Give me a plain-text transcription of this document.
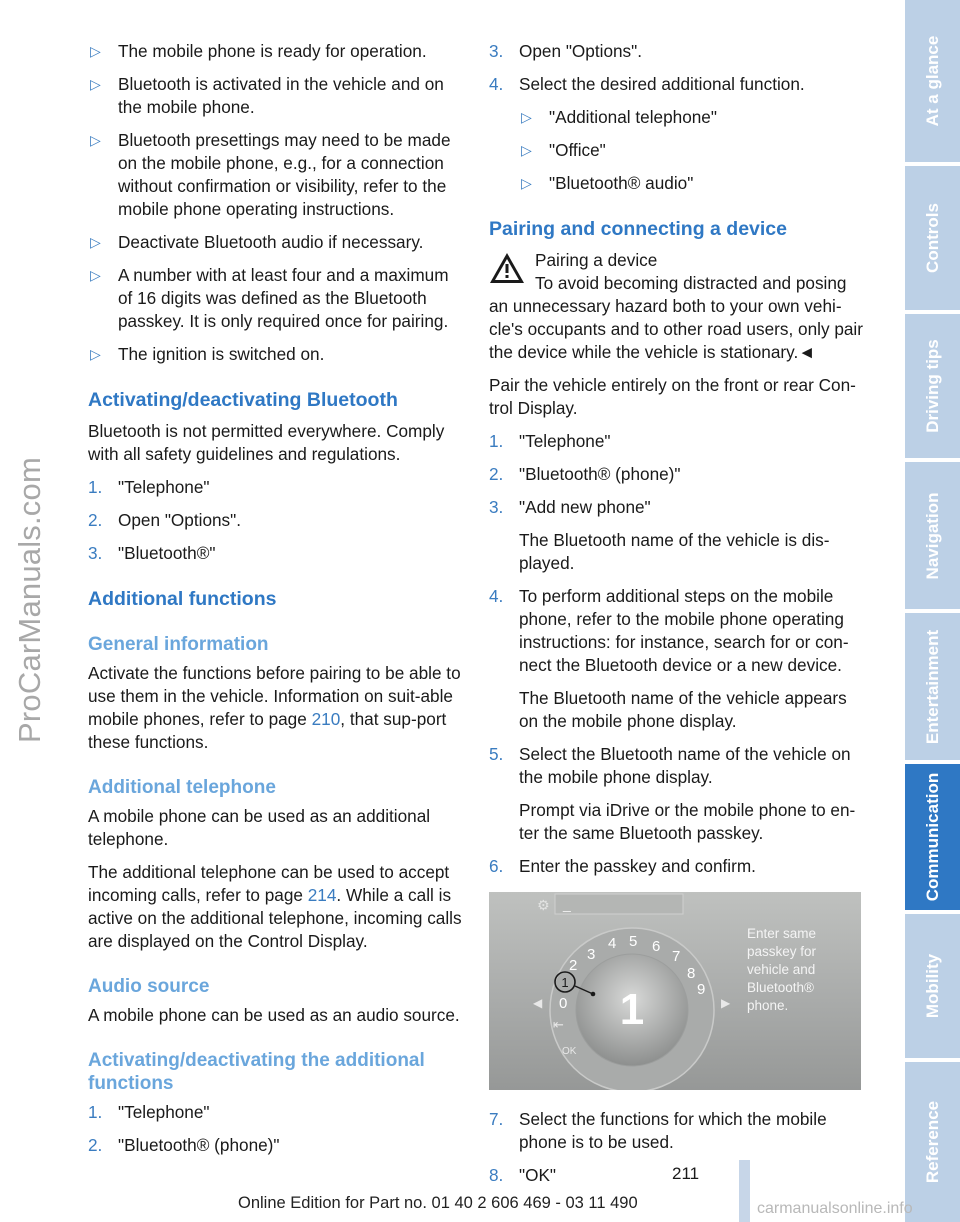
ProCarManuals.com
▷ The mobile phone is ready for operation.
▷ Bluetooth is activated in the vehicle and on the mobile phone.
▷ Bluetooth presettings may need to be made on the mobile phone, e.g., for a connection without confirmation or visibility, refer to the mobile phone operating instructions.
▷ Deactivate Bluetooth audio if necessary.
▷ A number with at least four and a maximum of 16 digits was defined as the Bluetooth passkey. It is only required once for pairing.
▷ The ignition is switched on.
Activating/deactivating Bluetooth
Bluetooth is not permitted everywhere. Comply with all safety guidelines and regulations.
1. "Telephone"
2. Open "Options".
3. "Bluetooth®"
Additional functions
General information
Activate the functions before pairing to be able to use them in the vehicle. Information on suit-able mobile phones, refer to page 210, that sup-port these functions.
Additional telephone
A mobile phone can be used as an additional telephone.
The additional telephone can be used to accept incoming calls, refer to page 214. While a call is active on the additional telephone, incoming calls are displayed on the Control Display.
Audio source
A mobile phone can be used as an audio source.
Activating/deactivating the additional functions
1. "Telephone"
2. "Bluetooth® (phone)"
3. Open "Options".
4. Select the desired additional function.
▷ "Additional telephone"
▷ "Office"
▷ "Bluetooth® audio"
Pairing and connecting a device
Pairing a device
To avoid becoming distracted and posing an unnecessary hazard both to your own vehi-cle's occupants and to other road users, only pair the device while the vehicle is stationary.◄
Pair the vehicle entirely on the front or rear Con-trol Display.
1. "Telephone"
2. "Bluetooth® (phone)"
3. "Add new phone"
The Bluetooth name of the vehicle is dis-played.
4. To perform additional steps on the mobile phone, refer to the mobile phone operating instructions: for instance, search for or con-nect the Bluetooth device or a new device.
The Bluetooth name of the vehicle appears on the mobile phone display.
5. Select the Bluetooth name of the vehicle on the mobile phone display.
Prompt via iDrive or the mobile phone to en-ter the same Bluetooth passkey.
6. Enter the passkey and confirm.
⚙ _
1
0
2
3
4 5 6
7
8
9
◀	▶
⇤
OK
1
Enter same
passkey for
vehicle and
Bluetooth®
phone.
7. Select the functions for which the mobile phone is to be used.
8. "OK"
At a glance
Controls
Driving tips
Navigation
Entertainment
Communication
Mobility
Reference
211
Online Edition for Part no. 01 40 2 606 469 - 03 11 490	carmanualsonline.info
